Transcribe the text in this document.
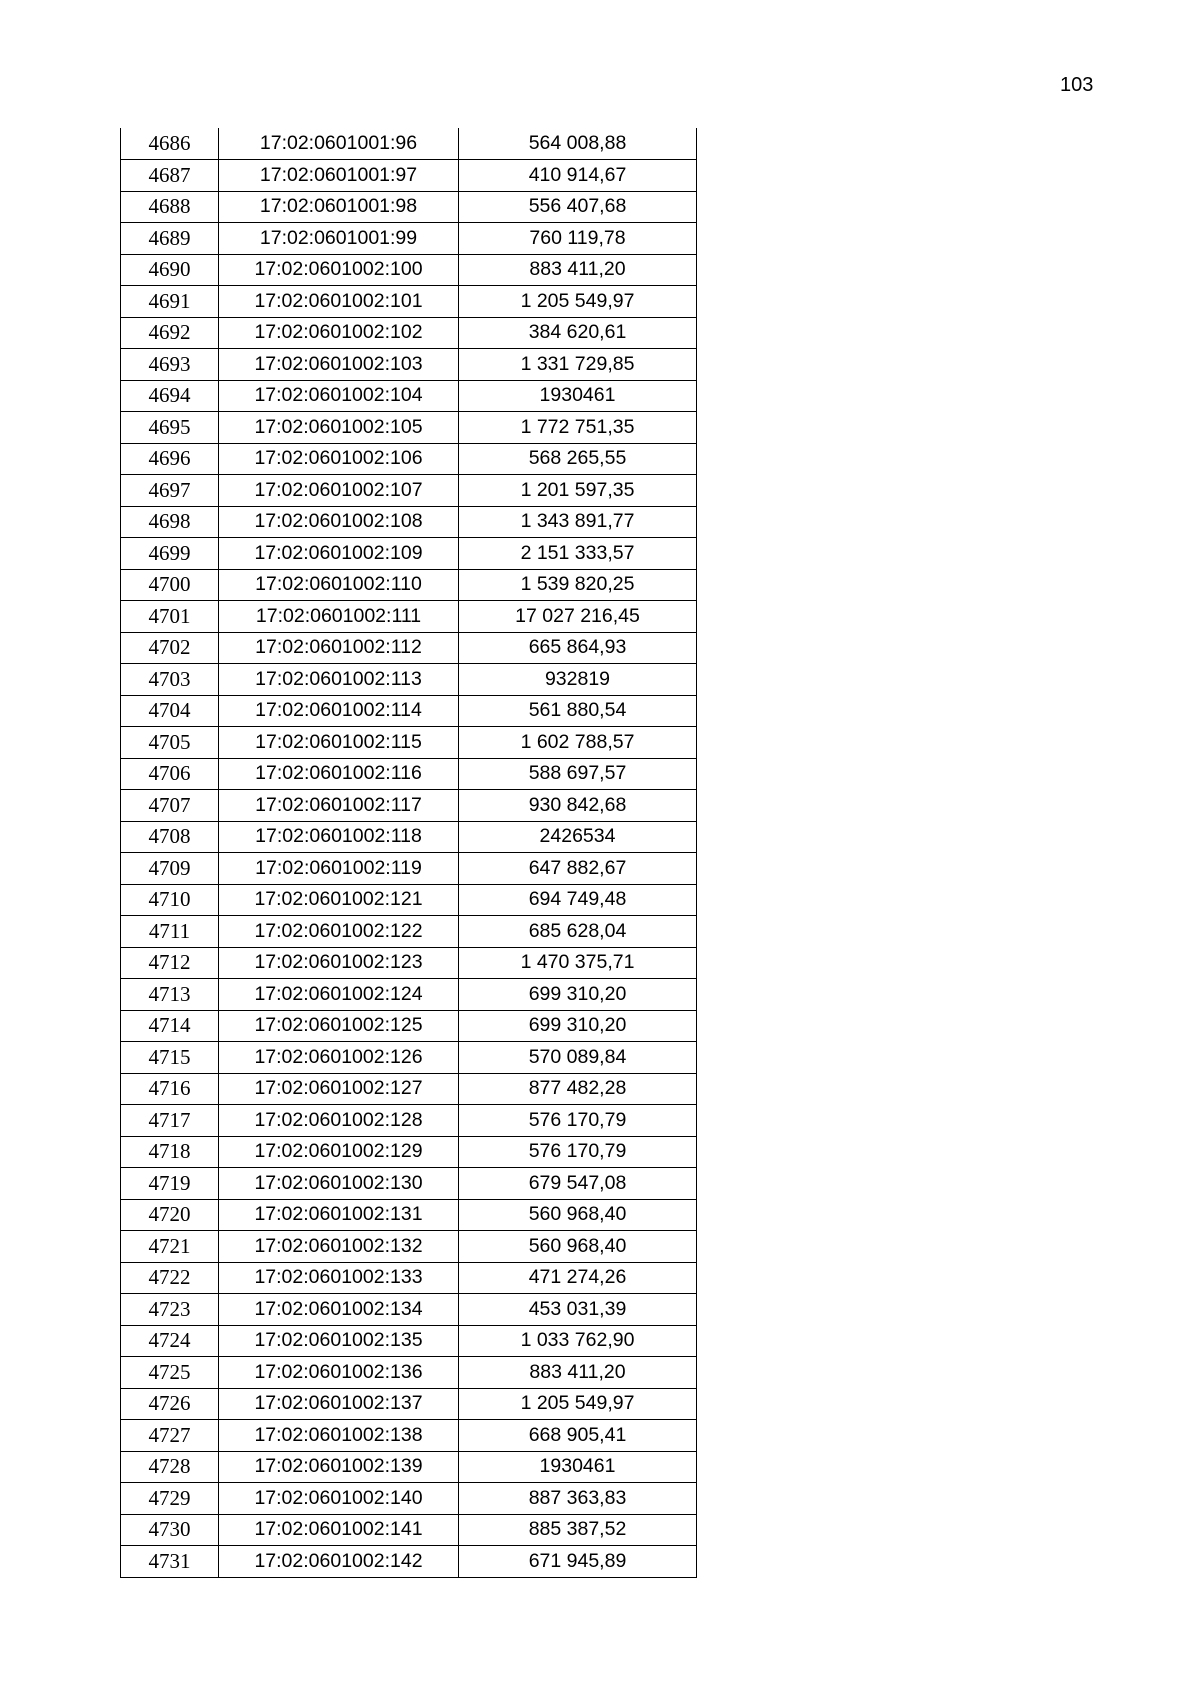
103
4686	17:02:0601001:96	564 008,88
4687	17:02:0601001:97	410 914,67
4688	17:02:0601001:98	556 407,68
4689	17:02:0601001:99	760 119,78
4690	17:02:0601002:100	883 411,20
4691	17:02:0601002:101	1 205 549,97
4692	17:02:0601002:102	384 620,61
4693	17:02:0601002:103	1 331 729,85
4694	17:02:0601002:104	1930461
4695	17:02:0601002:105	1 772 751,35
4696	17:02:0601002:106	568 265,55
4697	17:02:0601002:107	1 201 597,35
4698	17:02:0601002:108	1 343 891,77
4699	17:02:0601002:109	2 151 333,57
4700	17:02:0601002:110	1 539 820,25
4701	17:02:0601002:111	17 027 216,45
4702	17:02:0601002:112	665 864,93
4703	17:02:0601002:113	932819
4704	17:02:0601002:114	561 880,54
4705	17:02:0601002:115	1 602 788,57
4706	17:02:0601002:116	588 697,57
4707	17:02:0601002:117	930 842,68
4708	17:02:0601002:118	2426534
4709	17:02:0601002:119	647 882,67
4710	17:02:0601002:121	694 749,48
4711	17:02:0601002:122	685 628,04
4712	17:02:0601002:123	1 470 375,71
4713	17:02:0601002:124	699 310,20
4714	17:02:0601002:125	699 310,20
4715	17:02:0601002:126	570 089,84
4716	17:02:0601002:127	877 482,28
4717	17:02:0601002:128	576 170,79
4718	17:02:0601002:129	576 170,79
4719	17:02:0601002:130	679 547,08
4720	17:02:0601002:131	560 968,40
4721	17:02:0601002:132	560 968,40
4722	17:02:0601002:133	471 274,26
4723	17:02:0601002:134	453 031,39
4724	17:02:0601002:135	1 033 762,90
4725	17:02:0601002:136	883 411,20
4726	17:02:0601002:137	1 205 549,97
4727	17:02:0601002:138	668 905,41
4728	17:02:0601002:139	1930461
4729	17:02:0601002:140	887 363,83
4730	17:02:0601002:141	885 387,52
4731	17:02:0601002:142	671 945,89
